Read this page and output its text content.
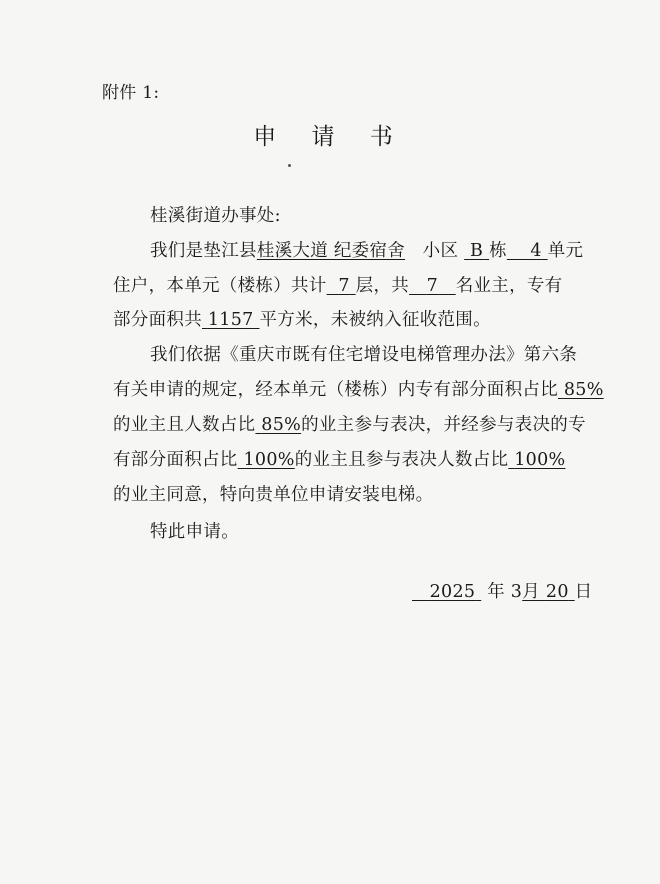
附件 1:
申 请 书
桂溪街道办事处:
我们是垫江县桂溪大道 纪委宿舍 小区 B 栋 4 单元
住户，本单元（楼栋）共计 7 层，共 7 名业主，专有
部分面积共 1157 平方米，未被纳入征收范围。
我们依据《重庆市既有住宅增设电梯管理办法》第六条
有关申请的规定，经本单元（楼栋）内专有部分面积占比 85%
的业主且人数占比 85%的业主参与表决，并经参与表决的专
有部分面积占比 100%的业主且参与表决人数占比 100%
的业主同意，特向贵单位申请安装电梯。
特此申请。
2025 年 3月 20 日
